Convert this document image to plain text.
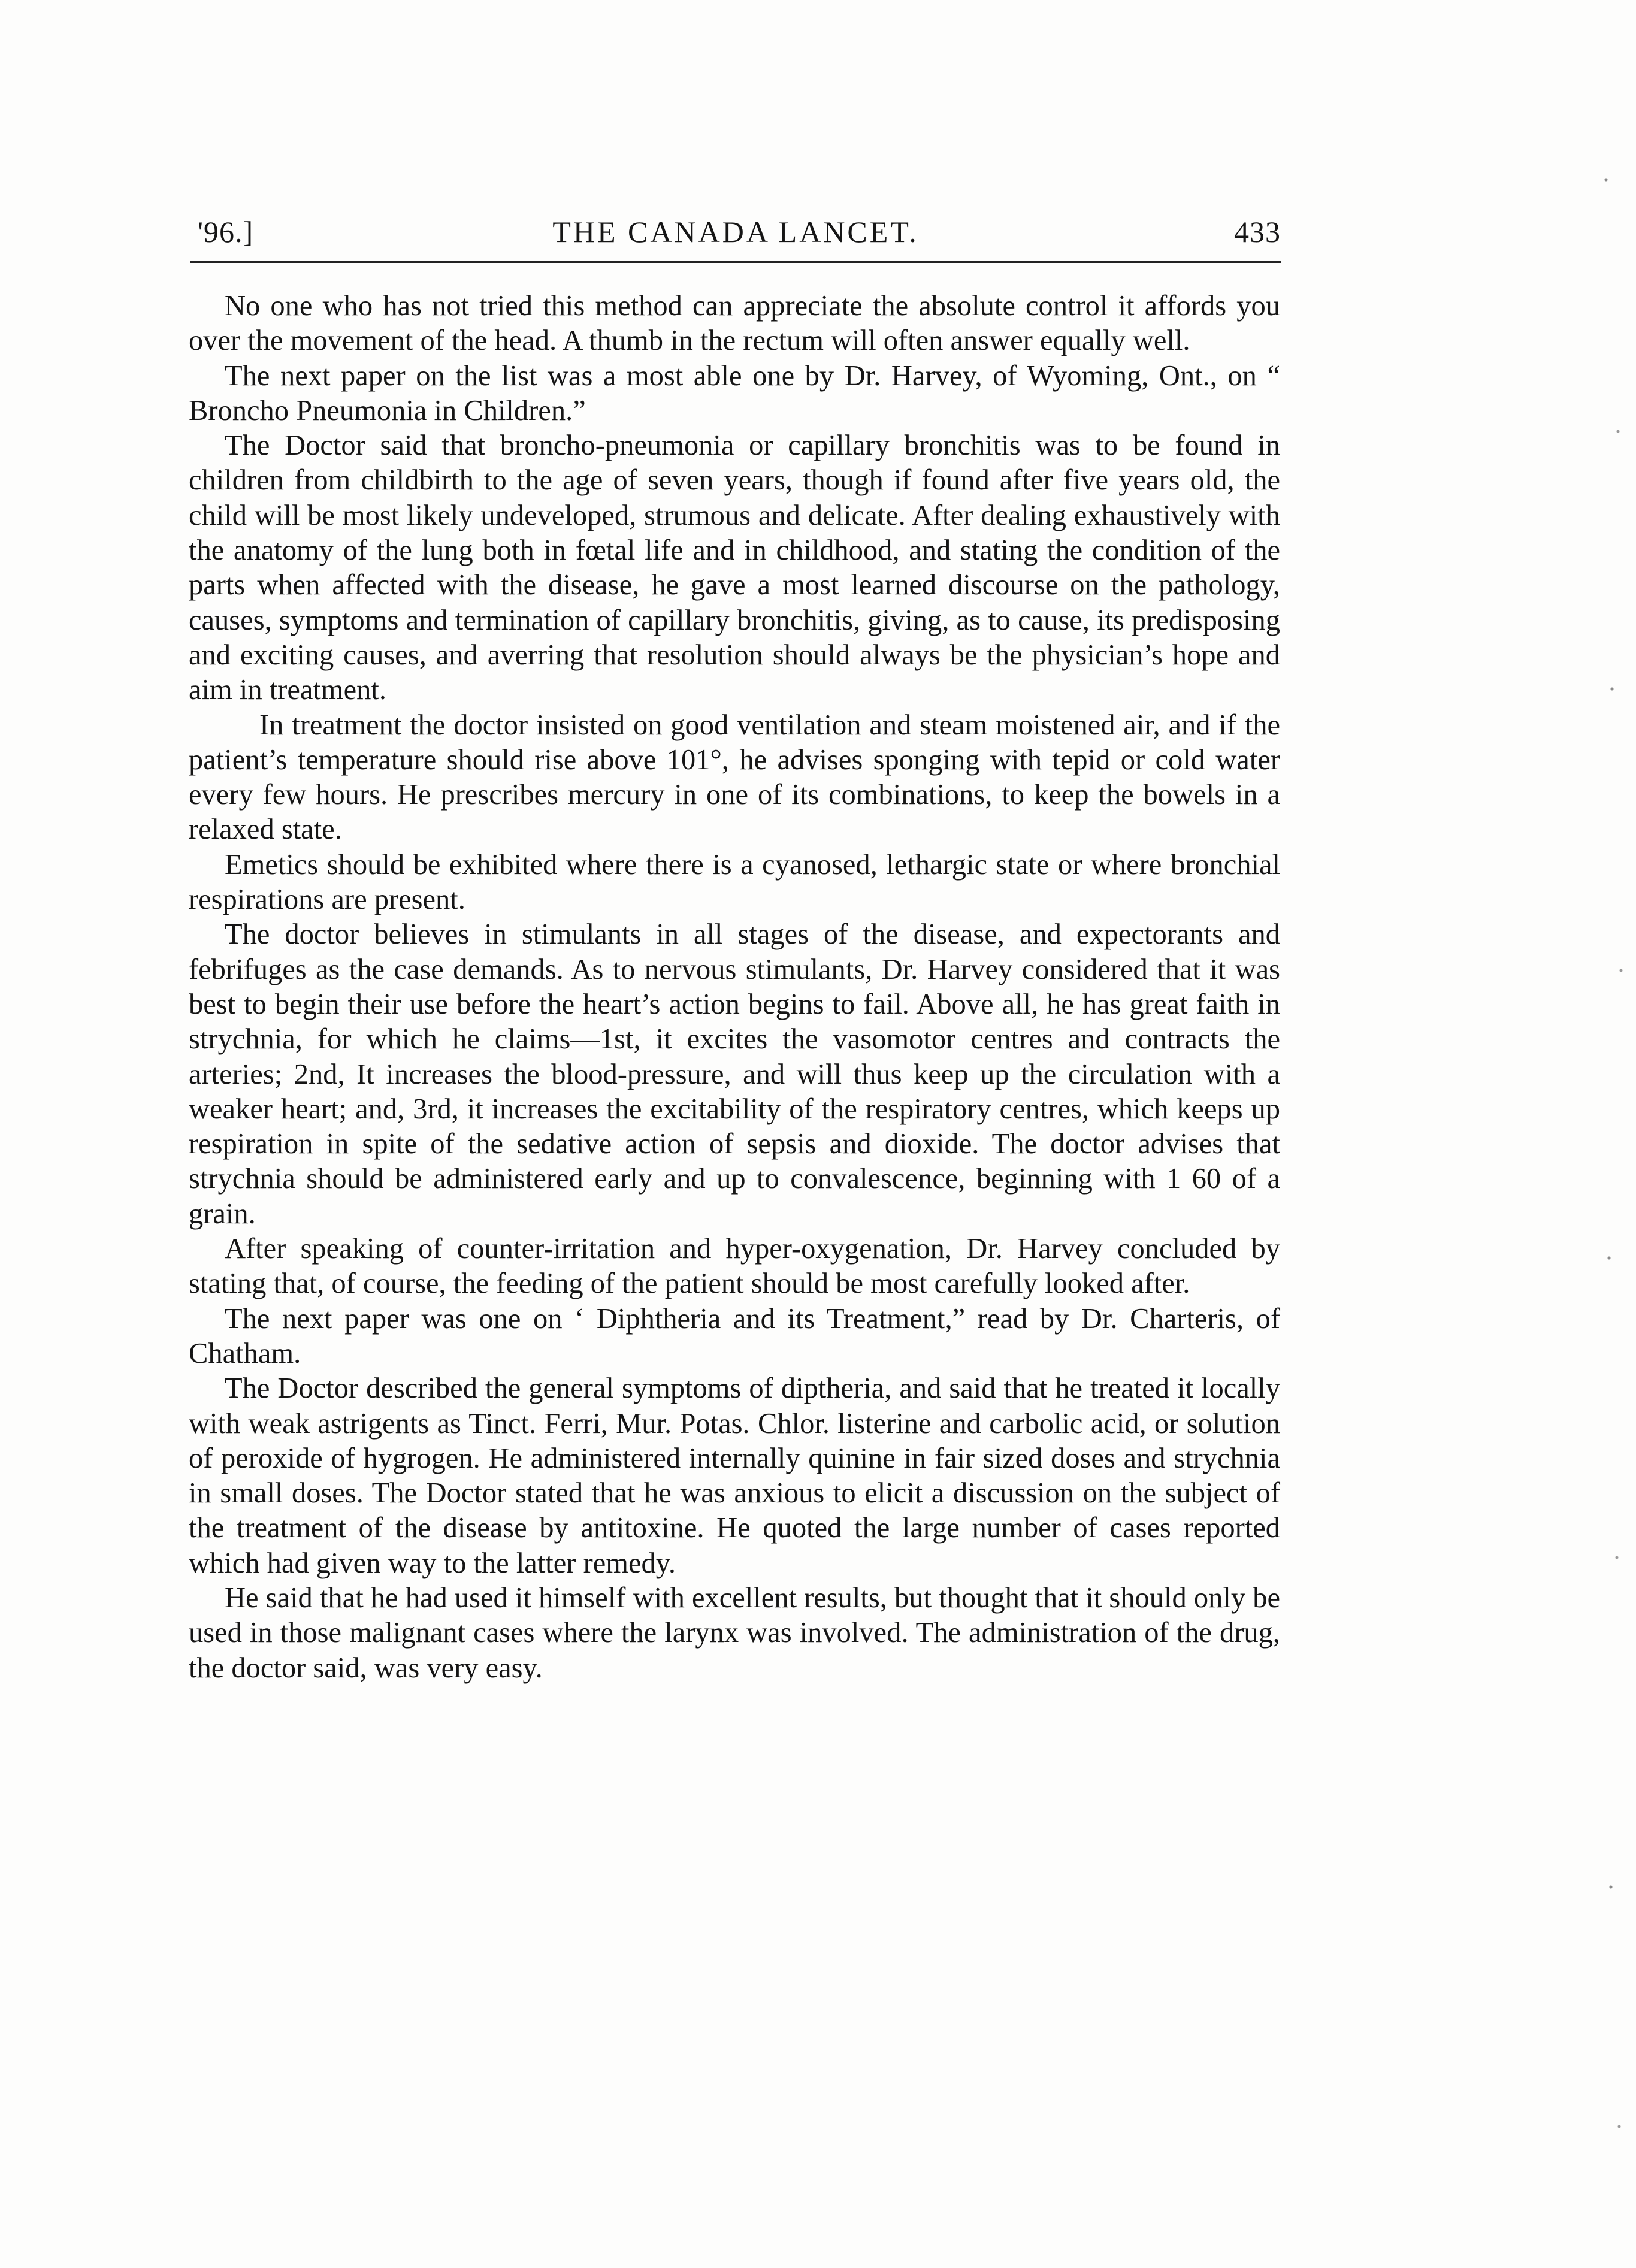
'96.]	THE CANADA LANCET.	433

No one who has not tried this method can appreciate the absolute control it affords you over the movement of the head. A thumb in the rectum will often answer equally well.

The next paper on the list was a most able one by Dr. Harvey, of Wyoming, Ont., on “ Broncho Pneumonia in Children.”

The Doctor said that broncho-pneumonia or capillary bronchitis was to be found in children from childbirth to the age of seven years, though if found after five years old, the child will be most likely undeveloped, strumous and delicate. After dealing exhaustively with the anatomy of the lung both in fœtal life and in childhood, and stating the condition of the parts when affected with the disease, he gave a most learned discourse on the pathology, causes, symptoms and termination of capillary bronchitis, giving, as to cause, its predisposing and exciting causes, and averring that resolution should always be the physician’s hope and aim in treatment.

In treatment the doctor insisted on good ventilation and steam moistened air, and if the patient’s temperature should rise above 101°, he advises sponging with tepid or cold water every few hours. He prescribes mercury in one of its combinations, to keep the bowels in a relaxed state.

Emetics should be exhibited where there is a cyanosed, lethargic state or where bronchial respirations are present.

The doctor believes in stimulants in all stages of the disease, and expectorants and febrifuges as the case demands. As to nervous stimulants, Dr. Harvey considered that it was best to begin their use before the heart’s action begins to fail. Above all, he has great faith in strychnia, for which he claims—1st, it excites the vasomotor centres and contracts the arteries; 2nd, It increases the blood-pressure, and will thus keep up the circulation with a weaker heart; and, 3rd, it increases the excitability of the respiratory centres, which keeps up respiration in spite of the sedative action of sepsis and dioxide. The doctor advises that strychnia should be administered early and up to convalescence, beginning with 1 60 of a grain.

After speaking of counter-irritation and hyper-oxygenation, Dr. Harvey concluded by stating that, of course, the feeding of the patient should be most carefully looked after.

The next paper was one on ‘ Diphtheria and its Treatment,” read by Dr. Charteris, of Chatham.

The Doctor described the general symptoms of diptheria, and said that he treated it locally with weak astrigents as Tinct. Ferri, Mur. Potas. Chlor. listerine and carbolic acid, or solution of peroxide of hygrogen. He administered internally quinine in fair sized doses and strychnia in small doses. The Doctor stated that he was anxious to elicit a discussion on the subject of the treatment of the disease by antitoxine. He quoted the large number of cases reported which had given way to the latter remedy.

He said that he had used it himself with excellent results, but thought that it should only be used in those malignant cases where the larynx was involved. The administration of the drug, the doctor said, was very easy.
